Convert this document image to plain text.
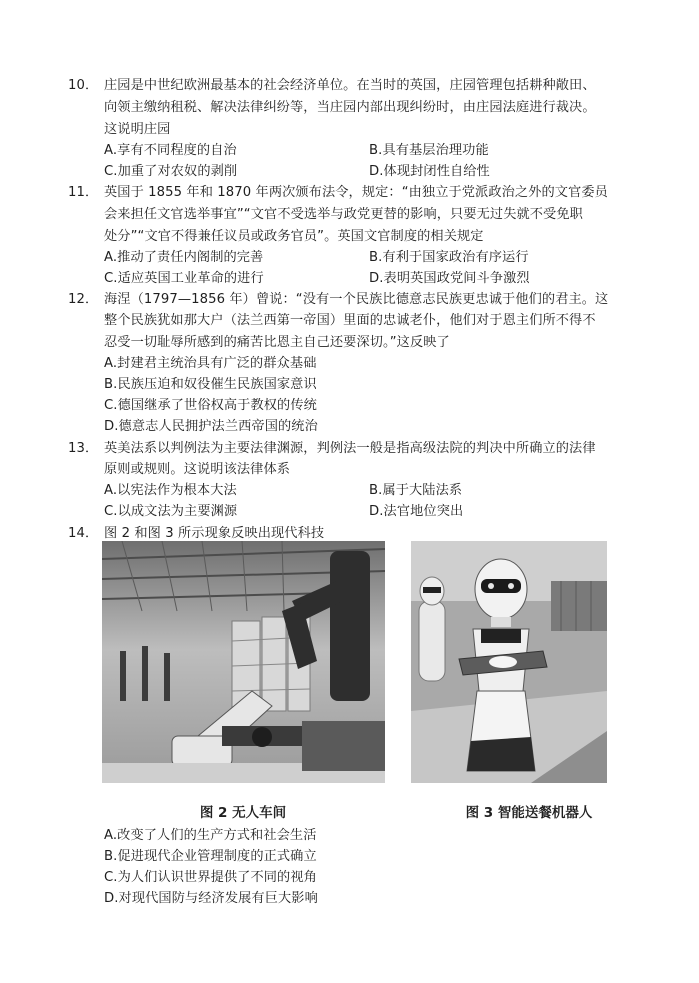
10． 庄园是中世纪欧洲最基本的社会经济单位。在当时的英国，庄园管理包括耕种敞田、
向领主缴纳租税、解决法律纠纷等，当庄园内部出现纠纷时，由庄园法庭进行裁决。
这说明庄园
A.享有不同程度的自治	B.具有基层治理功能
C.加重了对农奴的剥削	D.体现封闭性自给性
11． 英国于 1855 年和 1870 年两次颁布法令，规定：“由独立于党派政治之外的文官委员
会来担任文官选举事宜”“文官不受选举与政党更替的影响，只要无过失就不受免职
处分”“文官不得兼任议员或政务官员”。英国文官制度的相关规定
A.推动了责任内阁制的完善	B.有利于国家政治有序运行
C.适应英国工业革命的进行	D.表明英国政党间斗争激烈
12． 海涅（1797—1856 年）曾说：“没有一个民族比德意志民族更忠诚于他们的君主。这
整个民族犹如那大户（法兰西第一帝国）里面的忠诚老仆，他们对于恩主们所不得不
忍受一切耻辱所感到的痛苦比恩主自己还要深切。”这反映了
A.封建君主统治具有广泛的群众基础
B.民族压迫和奴役催生民族国家意识
C.德国继承了世俗权高于教权的传统
D.德意志人民拥护法兰西帝国的统治
13． 英美法系以判例法为主要法律渊源，判例法一般是指高级法院的判决中所确立的法律
原则或规则。这说明该法律体系
A.以宪法作为根本大法	B.属于大陆法系
C.以成文法为主要渊源	D.法官地位突出
14． 图 2 和图 3 所示现象反映出现代科技
图 2 无人车间	图 3 智能送餐机器人
A.改变了人们的生产方式和社会生活
B.促进现代企业管理制度的正式确立
C.为人们认识世界提供了不同的视角
D.对现代国防与经济发展有巨大影响
